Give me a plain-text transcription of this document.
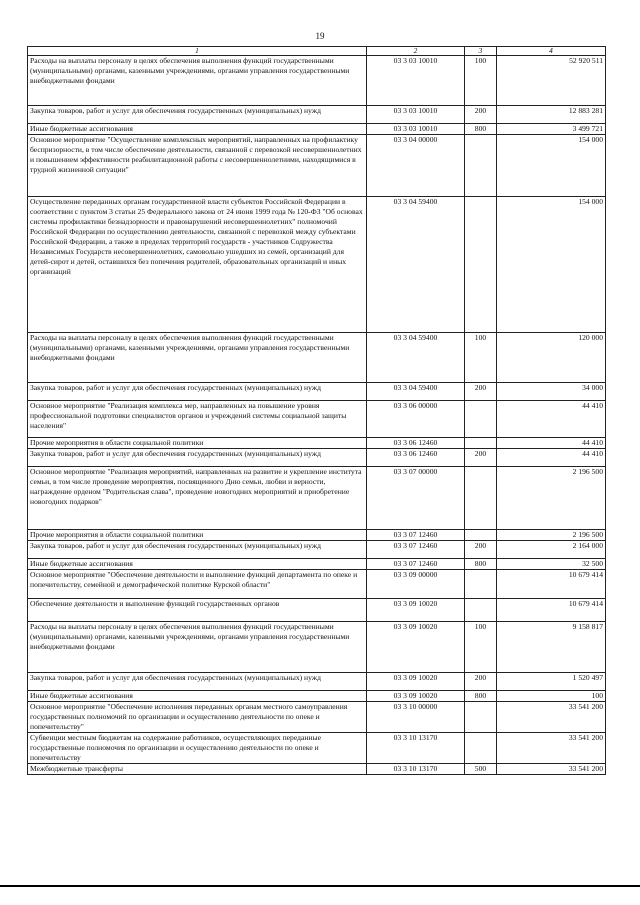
19
1	2	3	4

Расходы на выплаты персоналу в целях обеспечения выполнения функций государственными (муниципальными) органами, казенными учреждениями, органами управления государственными внебюджетными фондами	03 3 03 10010	100	52 920 511

Закупка товаров, работ и услуг для обеспечения государственных (муниципальных) нужд	03 3 03 10010	200	12 883 281

Иные бюджетные ассигнования	03 3 03 10010	800	3 499 721

Основное мероприятие "Осуществление комплексных мероприятий, направленных на профилактику беспризорности, в том числе обеспечение деятельности, связанной с перевозкой несовершеннолетних и повышением эффективности реабилитационной работы с несовершеннолетними, находящимися в трудной жизненной ситуации"	03 3 04 00000		154 000

Осуществление переданных органам государственной власти субъектов Российской Федерации в соответствии с пунктом 3 статьи 25 Федерального закона от 24 июня 1999 года № 120-ФЗ "Об основах системы профилактики безнадзорности и правонарушений несовершеннолетних" полномочий Российской Федерации по осуществлению деятельности, связанной с перевозкой между субъектами Российской Федерации, а также в пределах территорий государств - участников Содружества Независимых Государств несовершеннолетних, самовольно ушедших из семей, организаций для детей-сирот и детей, оставшихся без попечения родителей, образовательных организаций и иных организаций	03 3 04 59400		154 000

Расходы на выплаты персоналу в целях обеспечения выполнения функций государственными (муниципальными) органами, казенными учреждениями, органами управления государственными внебюджетными фондами	03 3 04 59400	100	120 000

Закупка товаров, работ и услуг для обеспечения государственных (муниципальных) нужд	03 3 04 59400	200	34 000

Основное мероприятие "Реализация комплекса мер, направленных на повышение уровня профессиональной подготовки специалистов органов и учреждений системы социальной защиты населения"	03 3 06 00000		44 410

Прочие мероприятия в области социальной политики	03 3 06 12460		44 410

Закупка товаров, работ и услуг для обеспечения государственных (муниципальных) нужд	03 3 06 12460	200	44 410

Основное мероприятие "Реализация мероприятий, направленных на развитие и укрепление института семьи, в том числе проведение мероприятия, посвященного Дню семьи, любви и верности, награждение орденом "Родительская слава", проведение новогодних мероприятий и приобретение новогодних подарков"	03 3 07 00000		2 196 500

Прочие мероприятия в области социальной политики	03 3 07 12460		2 196 500

Закупка товаров, работ и услуг для обеспечения государственных (муниципальных) нужд	03 3 07 12460	200	2 164 000

Иные бюджетные ассигнования	03 3 07 12460	800	32 500

Основное мероприятие "Обеспечение деятельности и выполнение функций департамента по опеке и попечительству, семейной и демографической политике Курской области"	03 3 09 00000		10 679 414

Обеспечение деятельности и выполнение функций государственных органов	03 3 09 10020		10 679 414

Расходы на выплаты персоналу в целях обеспечения выполнения функций государственными (муниципальными) органами, казенными учреждениями, органами управления государственными внебюджетными фондами	03 3 09 10020	100	9 158 817

Закупка товаров, работ и услуг для обеспечения государственных (муниципальных) нужд	03 3 09 10020	200	1 520 497

Иные бюджетные ассигнования	03 3 09 10020	800	100

Основное мероприятие "Обеспечение исполнения переданных органам местного самоуправления государственных полномочий по организации и осуществлению деятельности по опеке и попечительству"	03 3 10 00000		33 541 200

Субвенции местным бюджетам на содержание работников, осуществляющих переданные государственные полномочия по организации и осуществлению деятельности по опеке и попечительству	03 3 10 13170		33 541 200

Межбюджетные трансферты	03 3 10 13170	500	33 541 200
